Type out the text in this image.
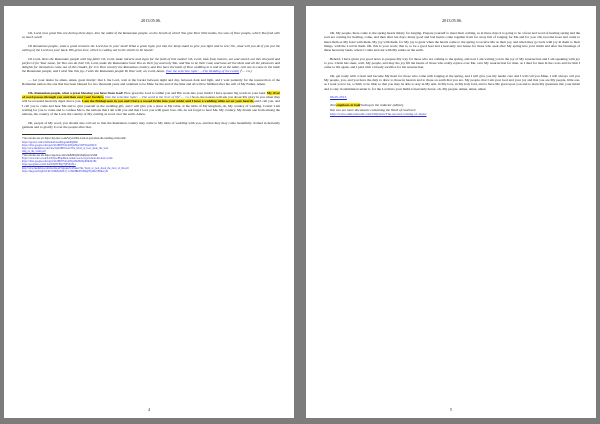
2013.05.06.

Oh, Lord, how great You are during these days, into the midst of the Romanian people, on the breath of which You give Your little lambs, the sons of Your people, which You feed with so much word!

Oh Romanian people, what a great treasure the Lord has in your land! What a great light, put into the lamp stand to give you light and to see! Oh, what will you do if you put the calling of the Lord out your back. His great love, which is calling out in the streets to be heard?

Oh Lord, bless the Romanian people with big faith! Oh, Lord, make miracle and signs for the faith of this nation! Oh, Lord, look from heaven, see and search out this vineyard and perfect it for Your name, for You can do this! Oh, Lord, make the Romanians have You as their joy and only You, and You to be their God, and have all the idols and all the pleasures and delights for themselves come out of this citadel, for it is Your country the Romanian country, and You have the table of Your wedding in it and sit at the table, call one to come in the table the Romanian people, and I wish You this joy, I wish the Romanian people Yo Your will, oh, Lord, Amen. (See the selection topic: …The Wedding of the Lamb) (¹… r.n.)

— Let your desire be amen, amen, great martyr; that I, the Lord, wait at the border between night and day, between dark and light, and I wait patiently for the resurrection of the Romanian nation, the one that has been blessed for two thousand years and ordained to be Mine for the end of the time and all will be fulfilled after the will of My Father. Amen.

Oh, Romanian people, what a great blessing you have from God! How great the Lord is within you and His work into your midst! I have spoken big words in your land. My river of word passes through you and then over your borders. (See the selection topic: …The word is the river of life² … r.n.) Soon, the nations will ask you about My glory in you when they will be revealed heavenly signs above you. I am the Bridegroom in you and I have a wooed bride into your midst and I have a wedding table set on your hearth, and I call you, and I call you to come and hear Me and to give yourself as the wedding gift, and I will give you a place at My table, at the table of My kingdom, oh, My country of wedding. Come! I am waiting for you to come and to confess Me to the nations that I am with you and that I love you with great love. Oh, do not forget to hear Me, My country. My dream one from among the nations, the country of the Lord, the country of My coming as word over the earth. Amen.

Oh, people of My word, you should also call out so that the Romanian country may come to My table of wedding with you, and that they may come beautifully clothed in heavenly garment and to glorify it over the people after that.

¹ You can also see on: https://my.adoc.co.uk/Se/yrvd/the-word-of-god-about-the-wedding-of-the-lamb
https://app.box.com/s/2ebtaunwbwaa0bjqpaukdhg8m6
https://drive.google.com/open?id=0B97N-Kq9Wpv8bnc5WF3GulOZUU
http://www.mediafire.com/view/6q2ts8h55wwr/The_Word_of_God_about_the_wed-
ding_of_the_Lamb.pdf
² You can also see on: https://app.box.com/s/ab8s8b2y6bv6q0qrsyvw5s96
https://www.adoc.co.uk/ScirStfjaa/JB4pMaut-rardlie-word-of-god-about-the-river-of-life
https://drive.google.com/open?id=0B97N-Kq9Wpv8bzBOZpR5R2K1Bs
https://googleuse.com/LZAN/8yHY8hg73jPSD13Ls
http://www.mediafire.com/download/5xgaapu5v4f5aku/The_Word_of_God_about_the_river_of_life.pdf
https://mega.nz/#!gIt2zT-kT/ZJ0RNzDNr-8_CoH4rHR2EXbhQZXydDaTFRke1yl9
4
2013.05.06.

Oh, My people, there come to the spring hearts thirsty for longing. Prepare yourself to meet their coming, as in these days it is going to be a feast and word of healing spring and the soul are coming for healing, come, and then after ten days, many good and bad hearts come together from far away full of longing for Me and for you. Oh, become feast and come to meet them as My feast with them. My joy with them, for My joy is great when the hearts come to the spring to receive Me as their joy, and when they go back with joy in them to their things, with the Lord in them. Oh, this is your work; that is, to be a good host and a heavenly rest house for those who seek after My spring into your midst and after the blessings of these heavenly lands, where I come and rest with My saints on the earth.

Behold, I have given you good news to prepare My way for those who are coming to the spring, and now I am writing you in the joy of My resurrection and I am speaking with joy to you. Christ has risen, well, My people, and may the joy fill the hearts of those who really rejoice over Me, over My resurrection for man, as I died for man in the cross and for him I came to life again, and I paid with a bloody sacrifice for his resurrection.

Oh, get ready with a feast and become My heart for those who come with longing at the spring, and I will give you my tender care and I will call you Mine. I will always call you My people, you, and you have the duty to draw to those in heaven and to those on earth that you are. My people, that I am your God and your joy and that you are My people, little son, as I want you to be, a child, to be little so that you may be able to stay in My arm, in My love, in My holy fold, and to have Me great upon you and to learn My greatness into your midst and to stay in submission under it, for the Lord into your midst is heavenly honor, oh, My people. Amen, amen, amen.

06-05-2013.
Text emphasis in bold belong to the redactor (editor).
You can see more documents containing the Word of God here:
http://www.authorstream.com/billydean/The-second-coming-of-Jesus/
5
